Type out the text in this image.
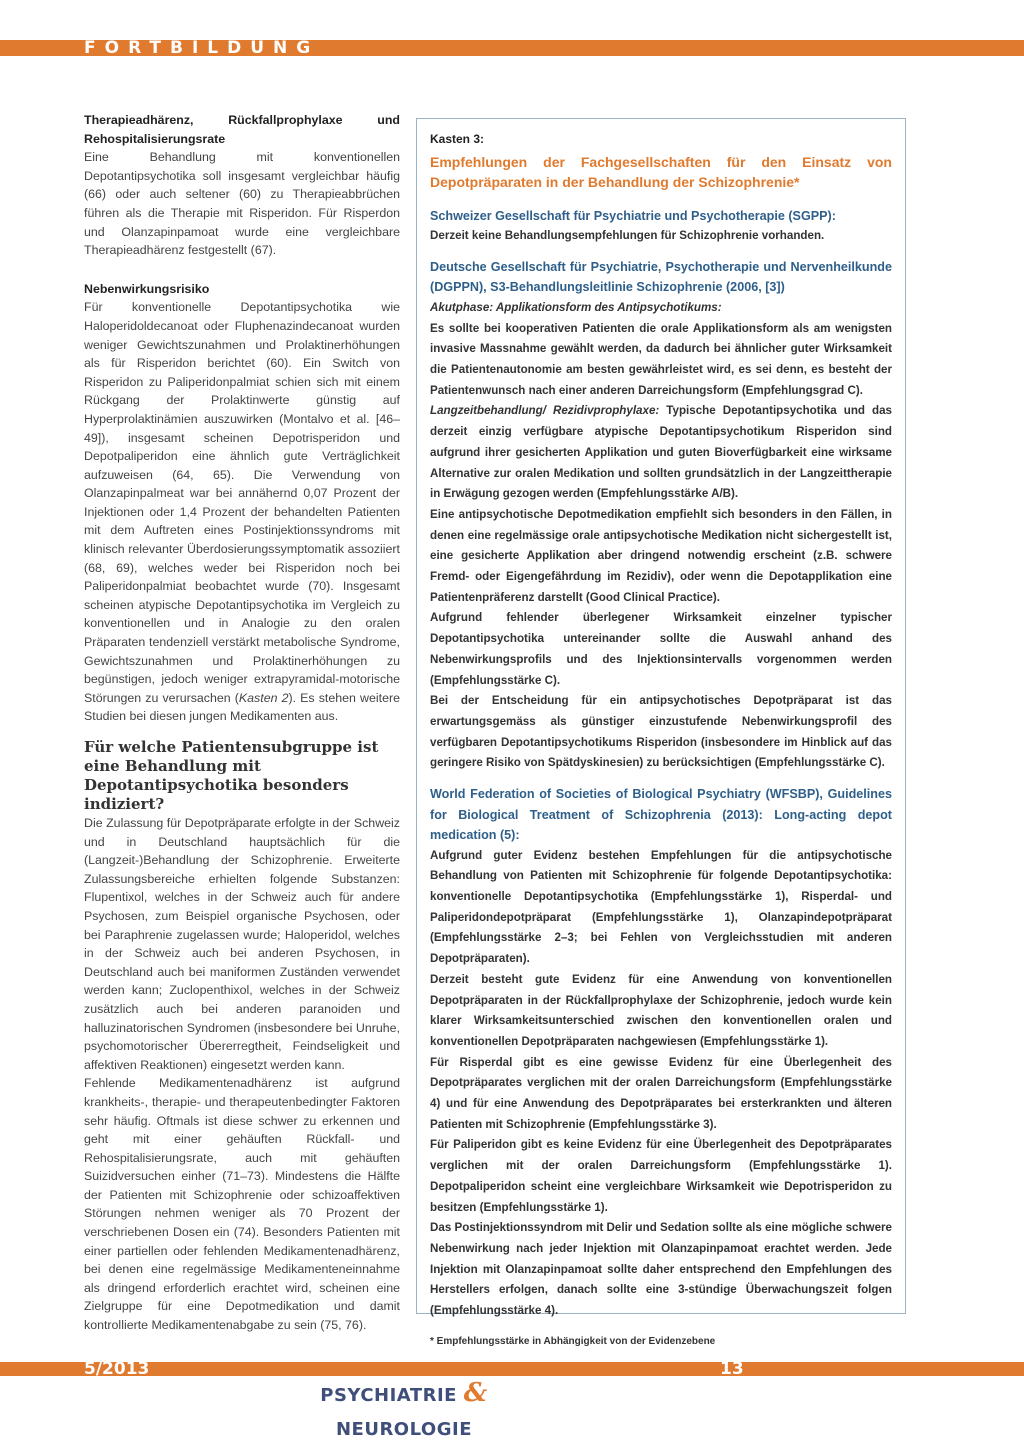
FORTBILDUNG

Therapieadhärenz, Rückfallprophylaxe und Rehospitalisierungsrate

Eine Behandlung mit konventionellen Depotantipsychotika soll insgesamt vergleichbar häufig (66) oder auch seltener (60) zu Therapieabbrüchen führen als die Therapie mit Risperidon. Für Risperdon und Olanzapinpamoat wurde eine vergleichbare Therapieadhärenz festgestellt (67).

Nebenwirkungsrisiko

Für konventionelle Depotantipsychotika wie Haloperidoldecanoat oder Fluphenazindecanoat wurden weniger Gewichtszunahmen und Prolaktinerhöhungen als für Risperidon berichtet (60). Ein Switch von Risperidon zu Paliperidonpalmiat schien sich mit einem Rückgang der Prolaktinwerte günstig auf Hyperprolaktinämien auszuwirken (Montalvo et al. [46–49]), insgesamt scheinen Depotrisperidon und Depotpaliperidon eine ähnlich gute Verträglichkeit aufzuweisen (64, 65). Die Verwendung von Olanzapinpalmeat war bei annähernd 0,07 Prozent der Injektionen oder 1,4 Prozent der behandelten Patienten mit dem Auftreten eines Postinjektionssyndroms mit klinisch relevanter Überdosierungssymptomatik assoziiert (68, 69), welches weder bei Risperidon noch bei Paliperidonpalmiat beobachtet wurde (70). Insgesamt scheinen atypische Depotantipsychotika im Vergleich zu konventionellen und in Analogie zu den oralen Präparaten tendenziell verstärkt metabolische Syndrome, Gewichtszunahmen und Prolaktinerhöhungen zu begünstigen, jedoch weniger extrapyramidal-motorische Störungen zu verursachen (Kasten 2). Es stehen weitere Studien bei diesen jungen Medikamenten aus.

Für welche Patientensubgruppe ist eine Behandlung mit Depotantipsychotika besonders indiziert?

Die Zulassung für Depotpräparate erfolgte in der Schweiz und in Deutschland hauptsächlich für die (Langzeit-)Behandlung der Schizophrenie. Erweiterte Zulassungsbereiche erhielten folgende Substanzen: Flupentixol, welches in der Schweiz auch für andere Psychosen, zum Beispiel organische Psychosen, oder bei Paraphrenie zugelassen wurde; Haloperidol, welches in der Schweiz auch bei anderen Psychosen, in Deutschland auch bei maniformen Zuständen verwendet werden kann; Zuclopenthixol, welches in der Schweiz zusätzlich auch bei anderen paranoiden und halluzinatorischen Syndromen (insbesondere bei Unruhe, psychomotorischer Übererregtheit, Feindseligkeit und affektiven Reaktionen) eingesetzt werden kann.

Fehlende Medikamentenadhärenz ist aufgrund krankheits-, therapie- und therapeutenbedingter Faktoren sehr häufig. Oftmals ist diese schwer zu erkennen und geht mit einer gehäuften Rückfall- und Rehospitalisierungsrate, auch mit gehäuften Suizidversuchen einher (71–73). Mindestens die Hälfte der Patienten mit Schizophrenie oder schizoaffektiven Störungen nehmen weniger als 70 Prozent der verschriebenen Dosen ein (74). Besonders Patienten mit einer partiellen oder fehlenden Medikamentenadhärenz, bei denen eine regelmässige Medikamenteneinnahme als dringend erforderlich erachtet wird, scheinen eine Zielgruppe für eine Depotmedikation und damit kontrollierte Medikamentenabgabe zu sein (75, 76).

Kasten 3:

Empfehlungen der Fachgesellschaften für den Einsatz von Depotpräparaten in der Behandlung der Schizophrenie*

Schweizer Gesellschaft für Psychiatrie und Psychotherapie (SGPP):

Derzeit keine Behandlungsempfehlungen für Schizophrenie vorhanden.

Deutsche Gesellschaft für Psychiatrie, Psychotherapie und Nervenheilkunde (DGPPN), S3-Behandlungsleitlinie Schizophrenie (2006, [3])

Akutphase: Applikationsform des Antipsychotikums:

Es sollte bei kooperativen Patienten die orale Applikationsform als am wenigsten invasive Massnahme gewählt werden, da dadurch bei ähnlicher guter Wirksamkeit die Patientenautonomie am besten gewährleistet wird, es sei denn, es besteht der Patientenwunsch nach einer anderen Darreichungsform (Empfehlungsgrad C).

Langzeitbehandlung/ Rezidivprophylaxe: Typische Depotantipsychotika und das derzeit einzig verfügbare atypische Depotantipsychotikum Risperidon sind aufgrund ihrer gesicherten Applikation und guten Bioverfügbarkeit eine wirksame Alternative zur oralen Medikation und sollten grundsätzlich in der Langzeittherapie in Erwägung gezogen werden (Empfehlungsstärke A/B).

Eine antipsychotische Depotmedikation empfiehlt sich besonders in den Fällen, in denen eine regelmässige orale antipsychotische Medikation nicht sichergestellt ist, eine gesicherte Applikation aber dringend notwendig erscheint (z.B. schwere Fremd- oder Eigengefährdung im Rezidiv), oder wenn die Depotapplikation eine Patientenpräferenz darstellt (Good Clinical Practice).

Aufgrund fehlender überlegener Wirksamkeit einzelner typischer Depotantipsychotika untereinander sollte die Auswahl anhand des Nebenwirkungsprofils und des Injektionsintervalls vorgenommen werden (Empfehlungsstärke C).

Bei der Entscheidung für ein antipsychotisches Depotpräparat ist das erwartungsgemäss als günstiger einzustufende Nebenwirkungsprofil des verfügbaren Depotantipsychotikums Risperidon (insbesondere im Hinblick auf das geringere Risiko von Spätdyskinesien) zu berücksichtigen (Empfehlungsstärke C).

World Federation of Societies of Biological Psychiatry (WFSBP), Guidelines for Biological Treatment of Schizophrenia (2013): Long-acting depot medication (5):

Aufgrund guter Evidenz bestehen Empfehlungen für die antipsychotische Behandlung von Patienten mit Schizophrenie für folgende Depotantipsychotika: konventionelle Depotantipsychotika (Empfehlungsstärke 1), Risperdal- und Paliperidondepotpräparat (Empfehlungsstärke 1), Olanzapindepotpräparat (Empfehlungsstärke 2–3; bei Fehlen von Vergleichsstudien mit anderen Depotpräparaten).

Derzeit besteht gute Evidenz für eine Anwendung von konventionellen Depotpräparaten in der Rückfallprophylaxe der Schizophrenie, jedoch wurde kein klarer Wirksamkeitsunterschied zwischen den konventionellen oralen und konventionellen Depotpräparaten nachgewiesen (Empfehlungsstärke 1).

Für Risperdal gibt es eine gewisse Evidenz für eine Überlegenheit des Depotpräparates verglichen mit der oralen Darreichungsform (Empfehlungsstärke 4) und für eine Anwendung des Depotpräparates bei ersterkrankten und älteren Patienten mit Schizophrenie (Empfehlungsstärke 3).

Für Paliperidon gibt es keine Evidenz für eine Überlegenheit des Depotpräparates verglichen mit der oralen Darreichungsform (Empfehlungsstärke 1). Depotpaliperidon scheint eine vergleichbare Wirksamkeit wie Depotrisperidon zu besitzen (Empfehlungsstärke 1).

Das Postinjektionssyndrom mit Delir und Sedation sollte als eine mögliche schwere Nebenwirkung nach jeder Injektion mit Olanzapinpamoat erachtet werden. Jede Injektion mit Olanzapinpamoat sollte daher entsprechend den Empfehlungen des Herstellers erfolgen, danach sollte eine 3-stündige Überwachungszeit folgen (Empfehlungsstärke 4).

* Empfehlungsstärke in Abhängigkeit von der Evidenzebene

5/2013	13
PSYCHIATRIE & NEUROLOGIE
